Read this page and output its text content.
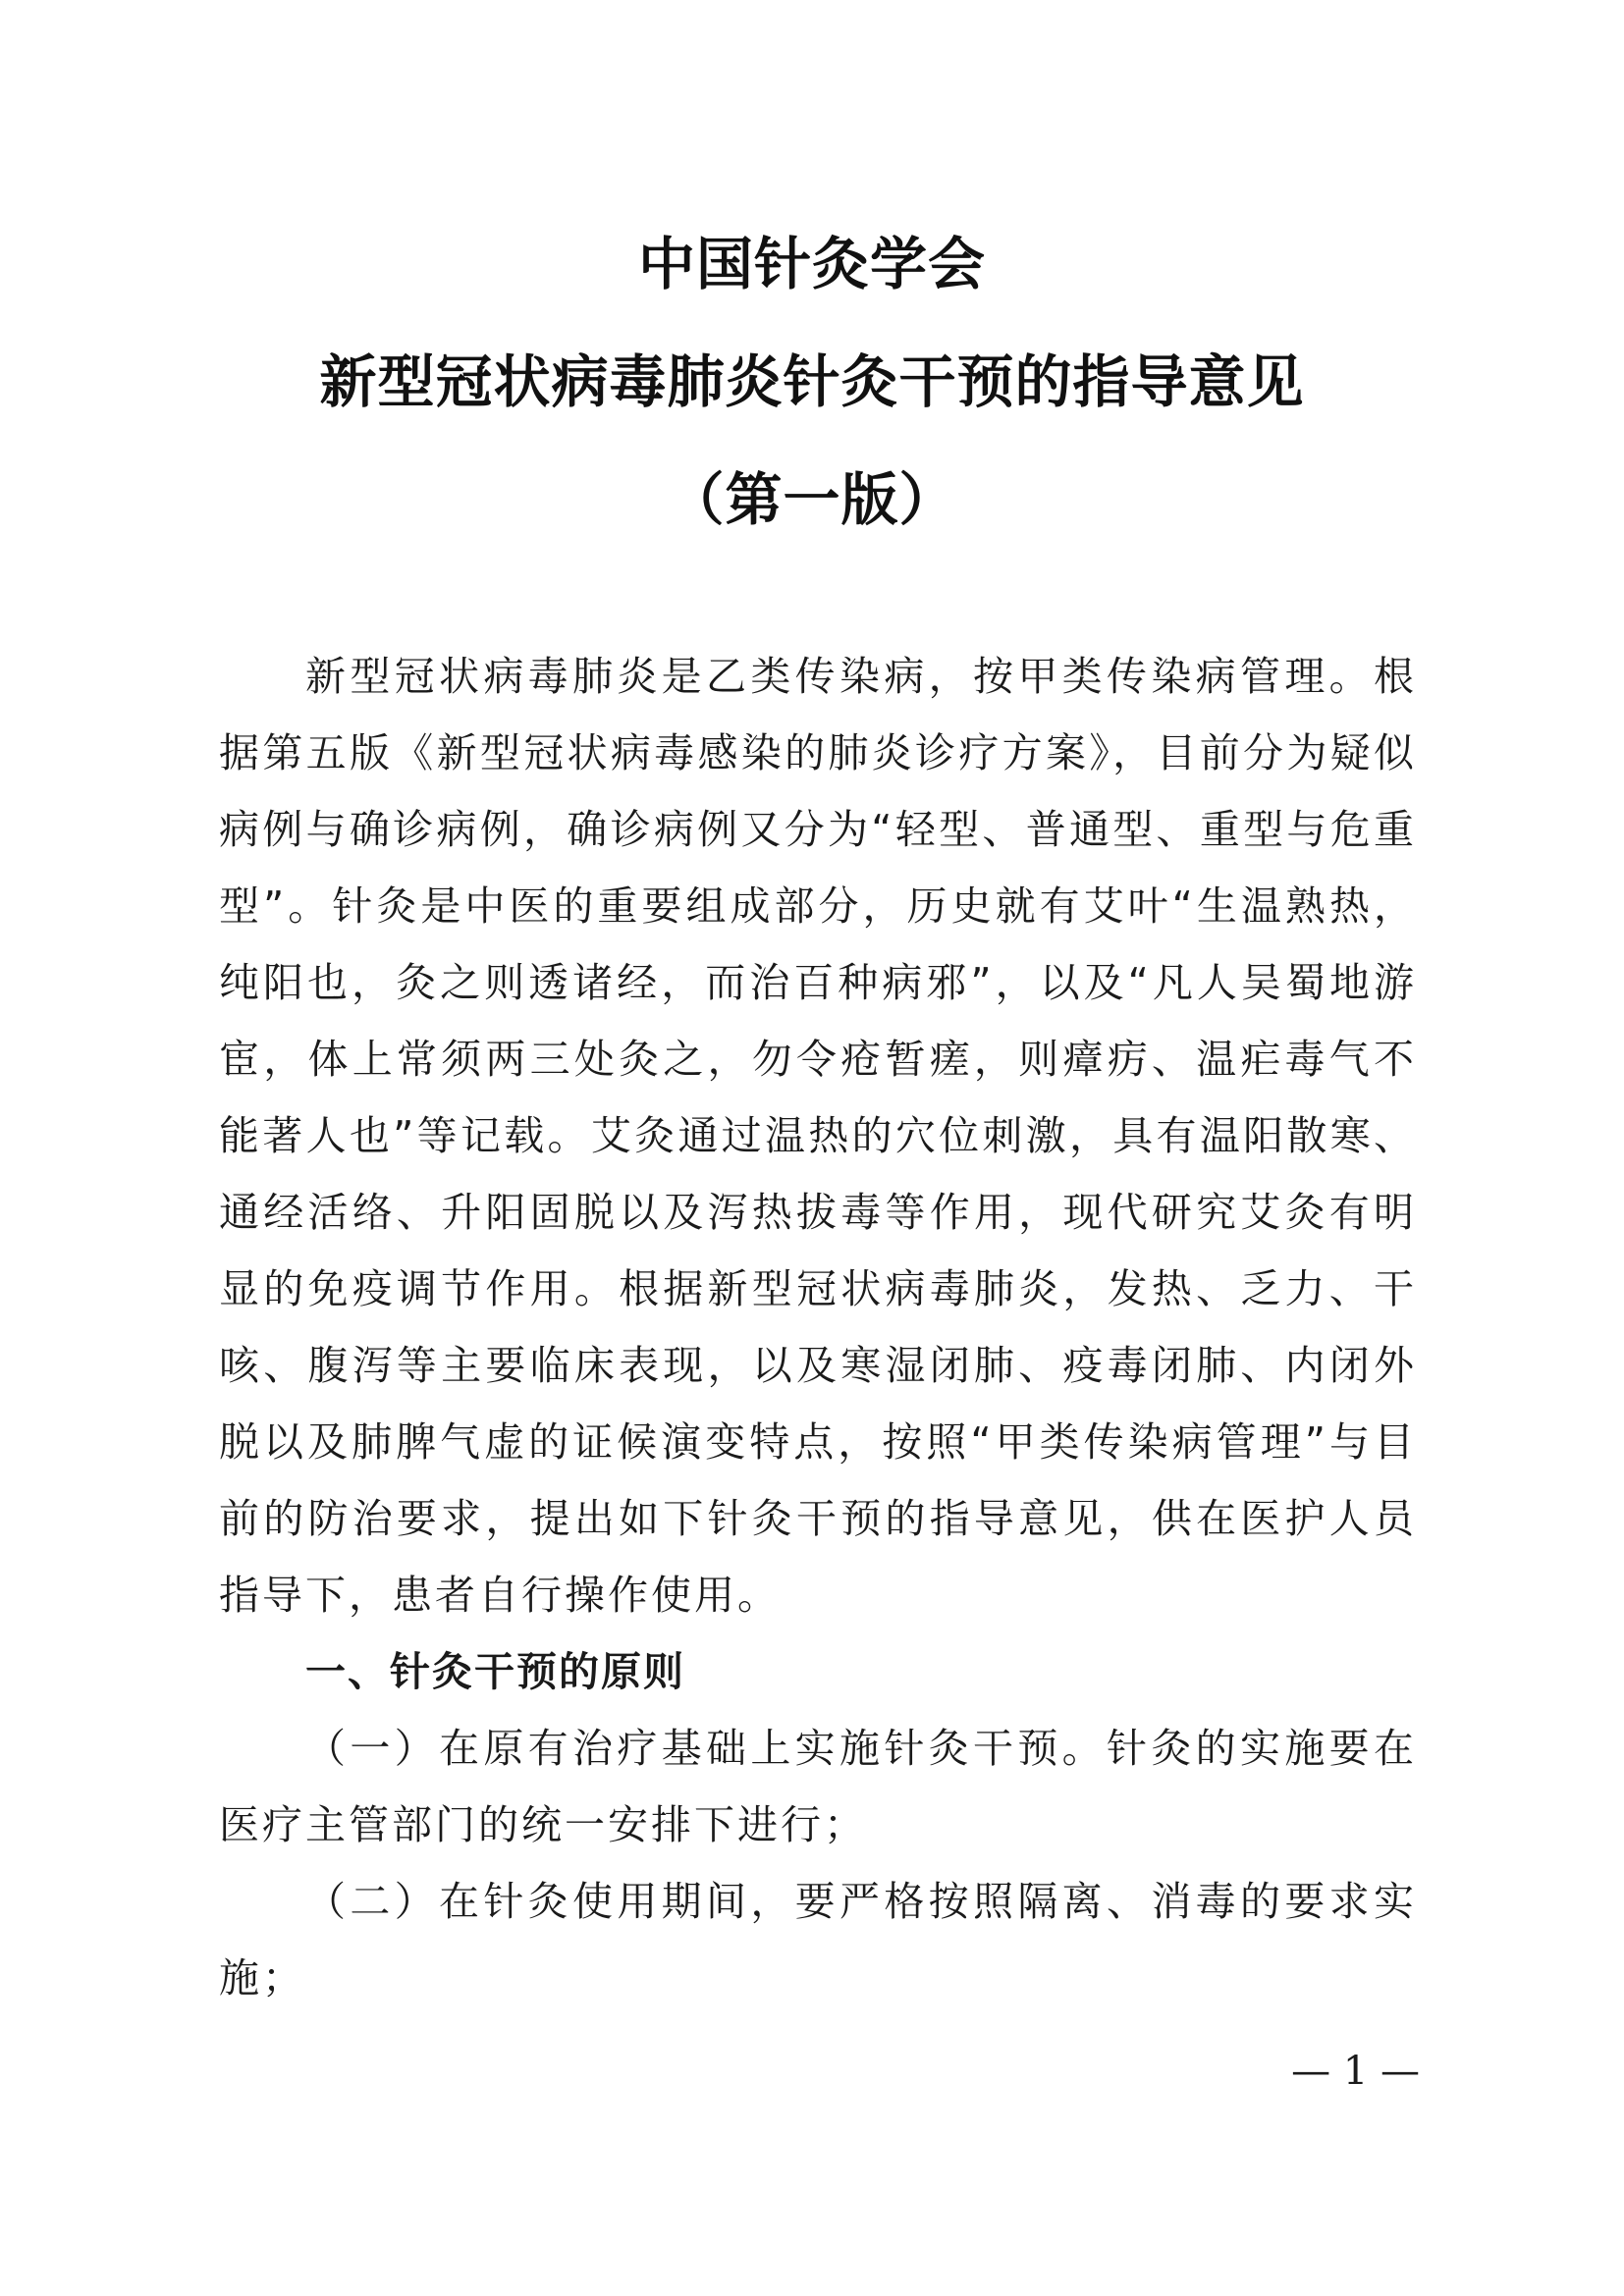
中国针灸学会
新型冠状病毒肺炎针灸干预的指导意见
（第一版）

新型冠状病毒肺炎是乙类传染病，按甲类传染病管理。根据第五版《新型冠状病毒感染的肺炎诊疗方案》，目前分为疑似病例与确诊病例，确诊病例又分为“轻型、普通型、重型与危重型”。针灸是中医的重要组成部分，历史就有艾叶“生温熟热，纯阳也，灸之则透诸经，而治百种病邪”，以及“凡人吴蜀地游宦，体上常须两三处灸之，勿令疮暂瘥，则瘴疠、温疟毒气不能著人也”等记载。艾灸通过温热的穴位刺激，具有温阳散寒、通经活络、升阳固脱以及泻热拔毒等作用，现代研究艾灸有明显的免疫调节作用。根据新型冠状病毒肺炎，发热、乏力、干咳、腹泻等主要临床表现，以及寒湿闭肺、疫毒闭肺、内闭外脱以及肺脾气虚的证候演变特点，按照“甲类传染病管理”与目前的防治要求，提出如下针灸干预的指导意见，供在医护人员指导下，患者自行操作使用。

一、针灸干预的原则

（一）在原有治疗基础上实施针灸干预。针灸的实施要在医疗主管部门的统一安排下进行；

（二）在针灸使用期间，要严格按照隔离、消毒的要求实施；

— 1 —
